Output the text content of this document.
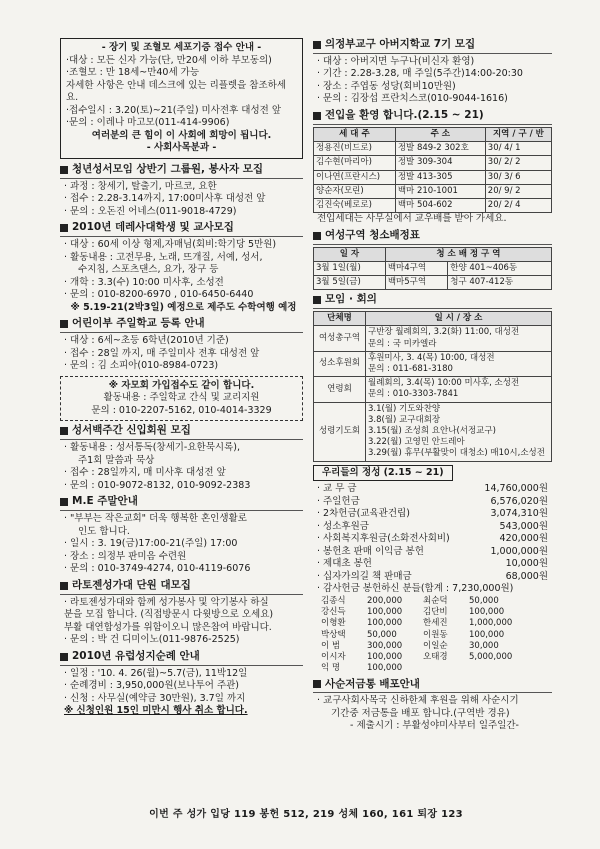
- 장기 및 조혈모 세포기증 접수 안내 -
·대상 : 모든 신자 가능(단, 만20세 이하 부모동의)
·조혈모 : 만 18세~만40세 가능
자세한 사항은 안내 데스크에 있는 리플렛을 참조하세요.
·접수일시 : 3.20(토)~21(주일) 미사전후 대성전 앞
·문의 : 이레나 마고모(011-414-9906)
여러분의 큰 힘이 이 사회에 희망이 됩니다.
- 사회사목분과 -
청년성서모임 상반기 그룹원, 봉사자 모집
· 과정 : 창세기, 탈출기, 마르코, 요한
· 접수 : 2.28-3.14까지, 17:00미사후 대성전 앞
· 문의 : 오돈진 어네스(011-9018-4729)
2010년 데레사대학생 및 교사모집
· 대상 : 60세 이상 형제,자매님(회비:학기당 5만원)
· 활동내용 : 고전무용, 노래, 뜨개질, 서예, 성서,
수지침, 스포츠댄스, 요가, 장구 등
· 개학 : 3.3(수) 10:00 미사후, 소성전
· 문의 : 010-8200-6970 , 010-6450-6440
※ 5.19-21(2박3일) 예정으로 제주도 수학여행 예정
어린이부 주일학교 등록 안내
· 대상 : 6세~초등 6학년(2010년 기준)
· 접수 : 28일 까지, 매 주일미사 전후 대성전 앞
· 문의 : 김 소피아(010-8984-0723)
※ 자모회 가입접수도 같이 합니다.
활동내용 : 주일학교 간식 및 교리지원
문의 : 010-2207-5162, 010-4014-3329
성서백주간 신입회원 모집
· 활동내용 : 성서통독(창세기-요한묵시록),
주1회 말씀과 묵상
· 접수 : 28일까지, 매 미사후 대성전 앞
· 문의 : 010-9072-8132, 010-9092-2383
M.E 주말안내
· "부부는 작은교회" 더욱 행복한 혼인생활로
인도 합니다.
· 일시 : 3. 19(금)17:00-21(주일) 17:00
· 장소 : 의정부 판미음 수련원
· 문의 : 010-3749-4274, 010-4119-6076
라토젠성가대 단원 대모집
· 라토젠성가대와 함께 성가봉사 및 악기봉사 하실
분을 모집 합니다. (직접방문시 다윗방으로 오세요)
부활 대연합성가를 위함이오니 많은참여 바랍니다.
· 문의 : 박 건 디미이노(011-9876-2525)
2010년 유럽성지순례 안내
· 일정 : '10. 4. 26(월)~5.7(금), 11박12일
· 순례경비 : 3,950,000원(보나투어 주관)
· 신청 : 사무실(예약금 30만원), 3.7일 까지
※ 신청인원 15인 미만시 행사 취소 합니다.
의정부교구 아버지학교 7기 모집
· 대상 : 아버지면 누구나(비신자 환영)
· 기간 : 2.28-3.28, 매 주일(5주간)14:00-20:30
· 장소 : 주엽동 성당(회비10만원)
· 문의 : 김장섭 프란치스코(010-9044-1616)
전입을 환영 합니다.(2.15 ~ 21)
세 대 주	주 소	지역 / 구 / 반
정용진(비드로)	정발 849-2 302호	30/ 4/ 1
김수현(마리아)	정발 309-304	30/ 2/ 2
이나연(프란시스)	정발 413-305	30/ 3/ 6
양순자(모린)	백마 210-1001	20/ 9/ 2
김진숙(베로로)	백마 504-602	20/ 2/ 4
전입세대는 사무실에서 교우배를 받아 가세요.
여성구역 청소배정표
일 자	청 소 배 정 구 역	
3월 1일(월)	백마4구역	한양 401~406동
3월 5일(금)	백마5구역	청구 407-412동
모임 · 회의
단체명	일 시 / 장 소
여성총구역	구반장 월례회의, 3.2(화) 11:00, 대성전
문의 : 국 미카엘라
성소후원회	후원미사, 3. 4(목) 10:00, 대성전
문의 : 011-681-3180
연령회	월례회의, 3.4(목) 10:00 미사후, 소성전
문의 : 010-3303-7841
성령기도회	3.1(월) 기도와찬양
3.8(월) 교구대회장
3.15(월) 조성희 요안나(서정교구)
3.22(월) 고영민 안드레아
3.29(월) 휴무(부활맞이 대청소) 매10시,소성전
우리들의 정성 (2.15 ~ 21)
· 교 무 금	14,760,000원
· 주일헌금	6,576,020원
· 2차헌금(교육관건립)	3,074,310원
· 성소후원금	543,000원
· 사회복지후원금(소화전사회비)	420,000원
· 봉헌초 판매 이익금 봉헌	1,000,000원
· 제대초 봉헌	10,000원
· 십자가의길 책 판매금	68,000원
· 감사헌금 봉헌하신 분들(합계 : 7,230,000원)
김종식	200,000	최순덕	50,000
강신득	100,000	김단비	100,000
이형환	100,000	한세진	1,000,000
박상택	50,000	이원동	100,000
이 범	300,000	이일순	30,000
이시자	100,000	오태경	5,000,000
익 명	100,000
사순저금통 배포안내
· 교구사회사목국 신하한체 후원을 위해 사순시기
기간중 저금통을 배포 합니다.(구역반 경유)
- 제출시기 : 부활성야미사부터 일주일간-
이번 주 성가 입당 119 봉헌 512, 219 성체 160, 161 퇴장 123
